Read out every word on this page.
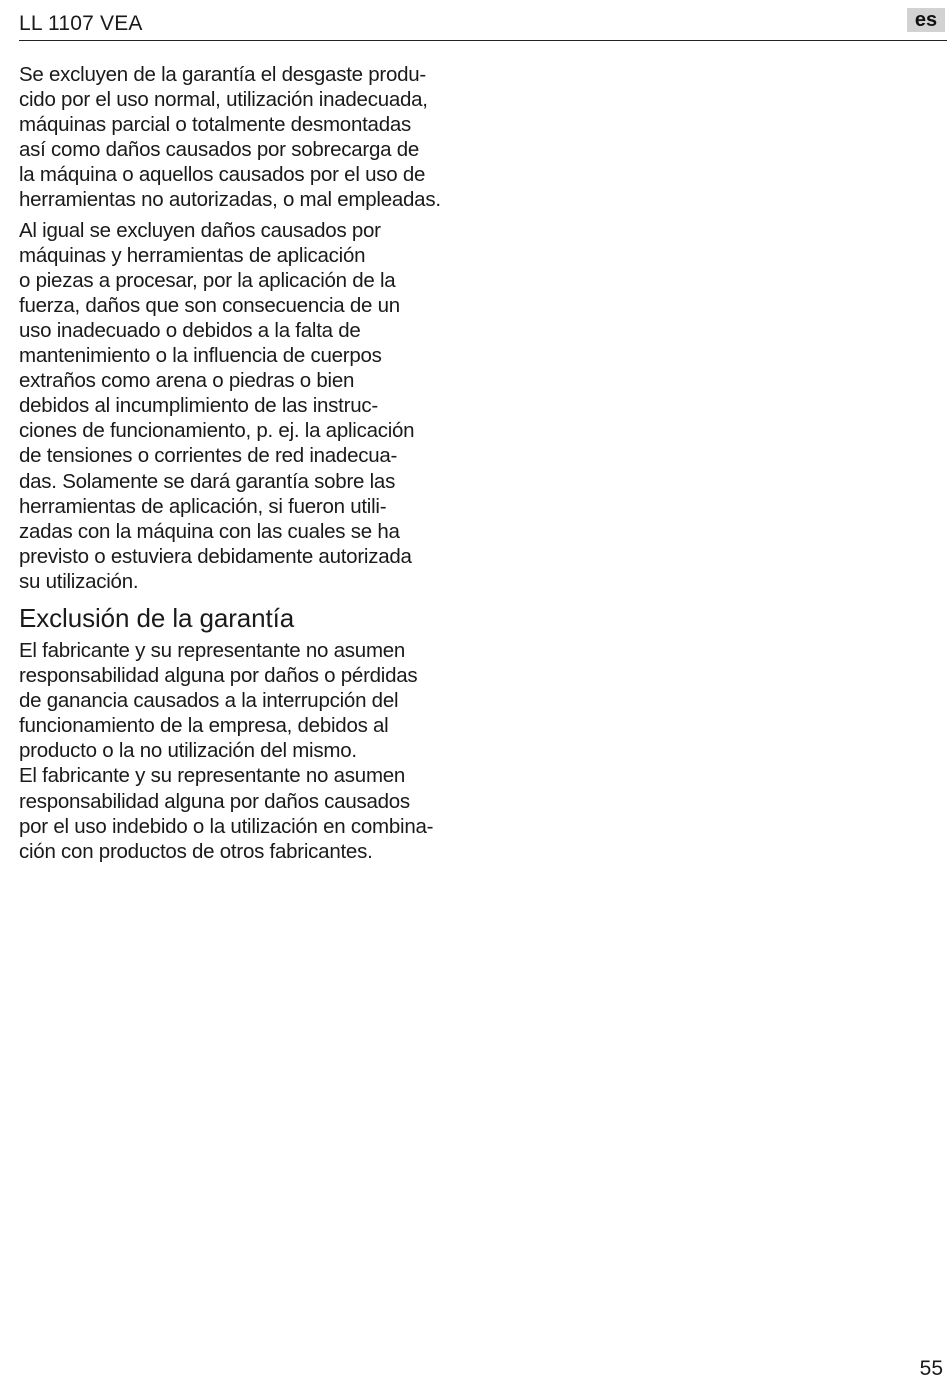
LL 1107 VEA	es

Se excluyen de la garantía el desgaste produ-
cido por el uso normal, utilización inadecuada,
máquinas parcial o totalmente desmontadas
así como daños causados por sobrecarga de
la máquina o aquellos causados por el uso de
herramientas no autorizadas, o mal empleadas.

Al igual se excluyen daños causados por
máquinas y herramientas de aplicación
o piezas a procesar, por la aplicación de la
fuerza, daños que son consecuencia de un
uso inadecuado o debidos a la falta de
mantenimiento o la influencia de cuerpos
extraños como arena o piedras o bien
debidos al incumplimiento de las instruc-
ciones de funcionamiento, p. ej. la aplicación
de tensiones o corrientes de red inadecua-
das. Solamente se dará garantía sobre las
herramientas de aplicación, si fueron utili-
zadas con la máquina con las cuales se ha
previsto o estuviera debidamente autorizada
su utilización.

Exclusión de la garantía

El fabricante y su representante no asumen
responsabilidad alguna por daños o pérdidas
de ganancia causados a la interrupción del
funcionamiento de la empresa, debidos al
producto o la no utilización del mismo.

El fabricante y su representante no asumen
responsabilidad alguna por daños causados
por el uso indebido o la utilización en combina-
ción con productos de otros fabricantes.

55
